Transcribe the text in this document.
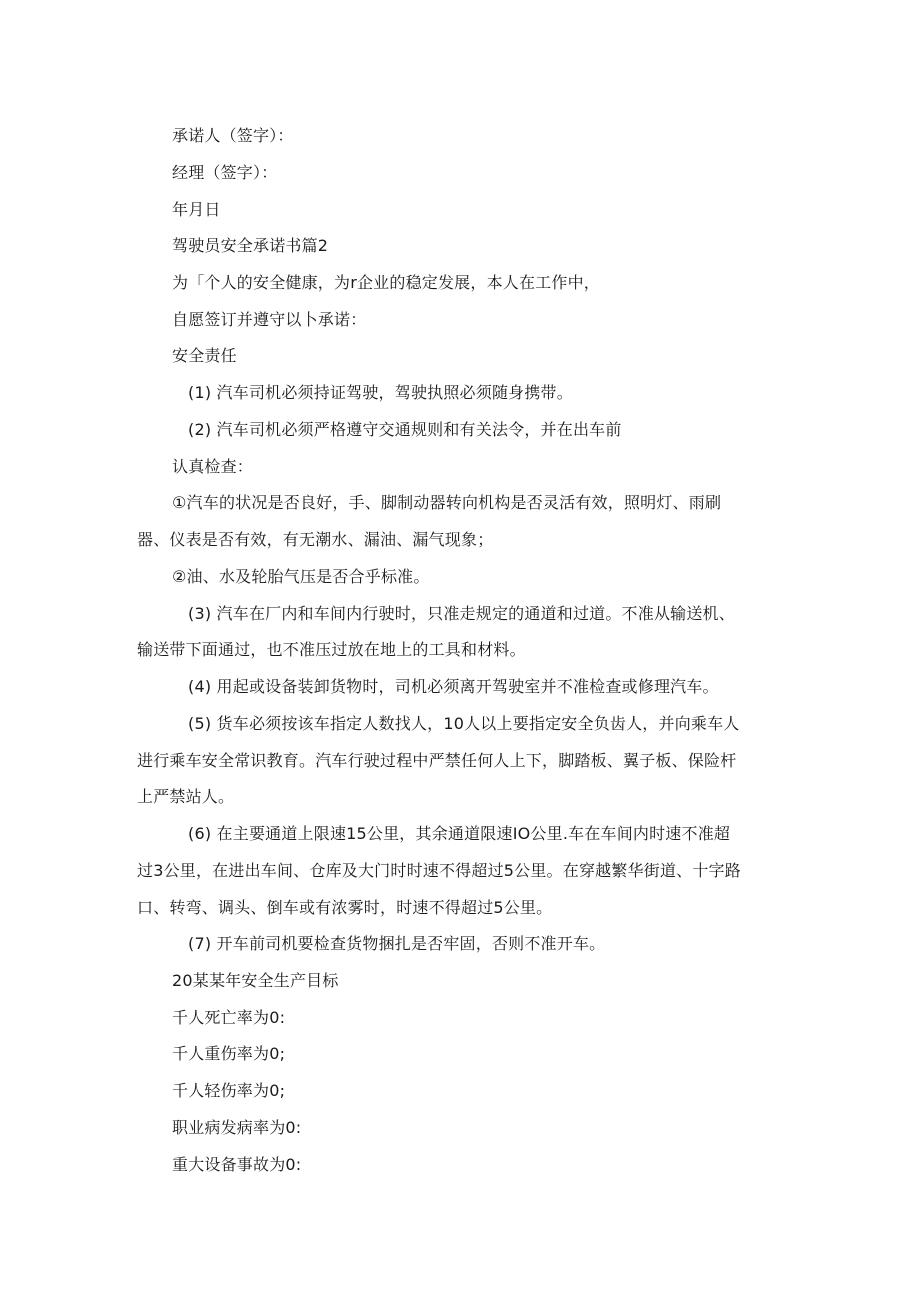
承诺人（签字）：
经理（签字）：
年月日
驾驶员安全承诺书篇2
为「个人的安全健康，为r企业的稳定发展，本人在工作中，
自愿签订并遵守以卜承诺：
安全责任
(1) 汽车司机必须持证驾驶，驾驶执照必须随身携带。
(2) 汽车司机必须严格遵守交通规则和有关法令，并在出车前
认真检查：
①汽车的状况是否良好，手、脚制动器转向机构是否灵活有效，照明灯、雨刷
器、仪表是否有效，有无潮水、漏油、漏气现象；
②油、水及轮胎气压是否合乎标准。
(3) 汽车在厂内和车间内行驶时，只准走规定的通道和过道。不准从输送机、
输送带下面通过，也不准压过放在地上的工具和材料。
(4) 用起或设备装卸货物时，司机必须离开驾驶室并不准检查或修理汽车。
(5) 货车必须按该车指定人数找人，10人以上要指定安全负齿人，并向乘车人
进行乘车安全常识教育。汽车行驶过程中严禁任何人上下，脚踏板、翼子板、保险杆
上严禁站人。
(6) 在主要通道上限速15公里，其余通道限速IO公里.车在车间内时速不准超
过3公里，在进出车间、仓库及大门时时速不得超过5公里。在穿越繁华街道、十字路
口、转弯、调头、倒车或有浓雾时，时速不得超过5公里。
(7) 开车前司机要检查货物捆扎是否牢固，否则不准开车。
20某某年安全生产目标
千人死亡率为0:
千人重伤率为0;
千人轻伤率为0;
职业病发病率为0:
重大设备事故为0:
